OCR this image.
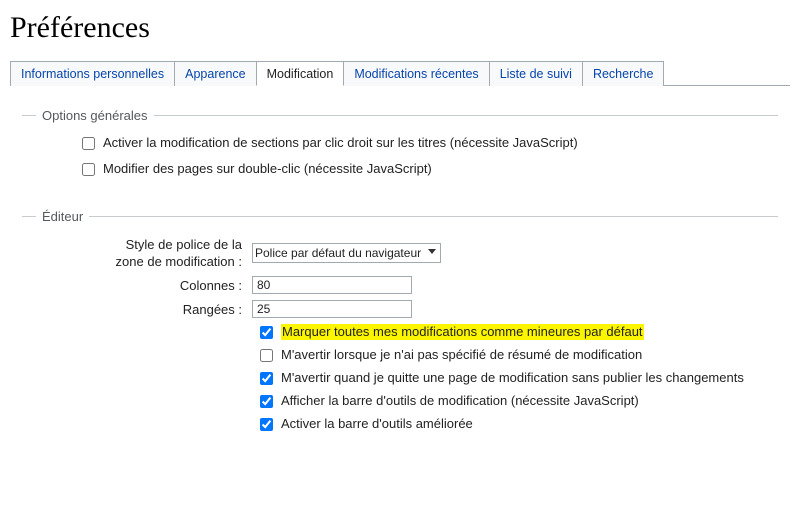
Préférences
Informations personnelles Apparence Modification Modifications récentes Liste de suivi Recherche
Options générales
Activer la modification de sections par clic droit sur les titres (nécessite JavaScript)
Modifier des pages sur double-clic (nécessite JavaScript)
Éditeur
Style de police de la
zone de modification :
Police par défaut du navigateur
Colonnes :
80
Rangées :
25
Marquer toutes mes modifications comme mineures par défaut
M'avertir lorsque je n'ai pas spécifié de résumé de modification
M'avertir quand je quitte une page de modification sans publier les changements
Afficher la barre d'outils de modification (nécessite JavaScript)
Activer la barre d'outils améliorée
